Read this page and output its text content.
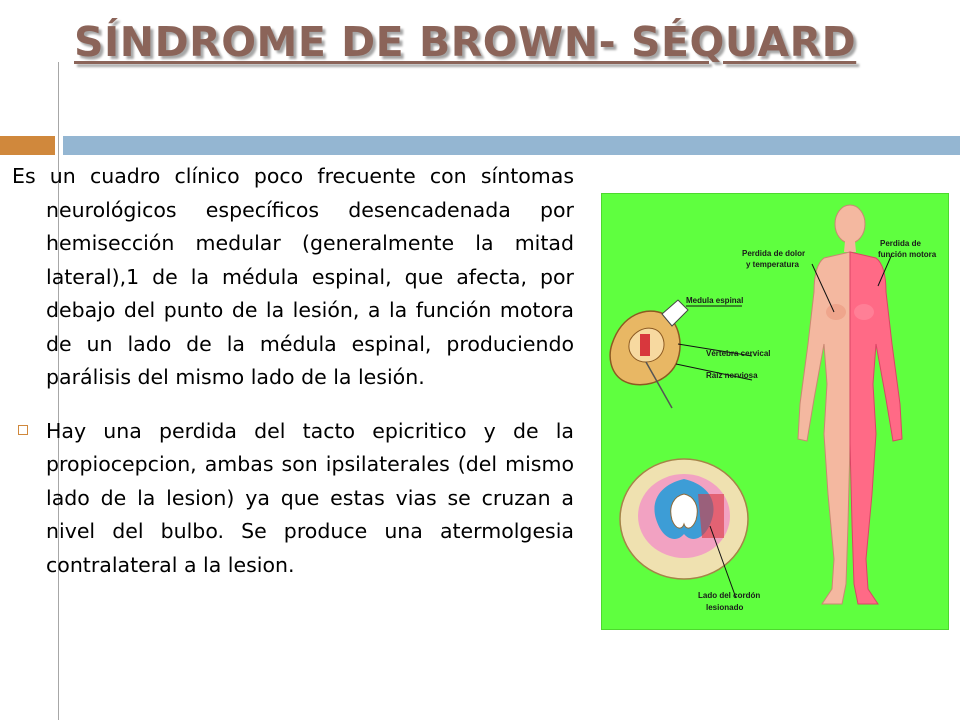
SÍNDROME DE BROWN- SÉQUARD

Es un cuadro clínico poco frecuente con síntomas neurológicos específicos desencadenada por hemisección medular (generalmente la mitad lateral),1 de la médula espinal, que afecta, por debajo del punto de la lesión, a la función motora de un lado de la médula espinal, produciendo parálisis del mismo lado de la lesión.

Hay una perdida del tacto epicritico y de la propiocepcion, ambas son ipsilaterales (del mismo lado de la lesion) ya que estas vias se cruzan a nivel del bulbo. Se produce una atermolgesia contralateral a la lesion.

Perdida de dolor
y temperatura
Perdida de
función motora
Medula espinal
Vértebra cervical
Raíz nerviosa
Lado del cordón
lesionado
